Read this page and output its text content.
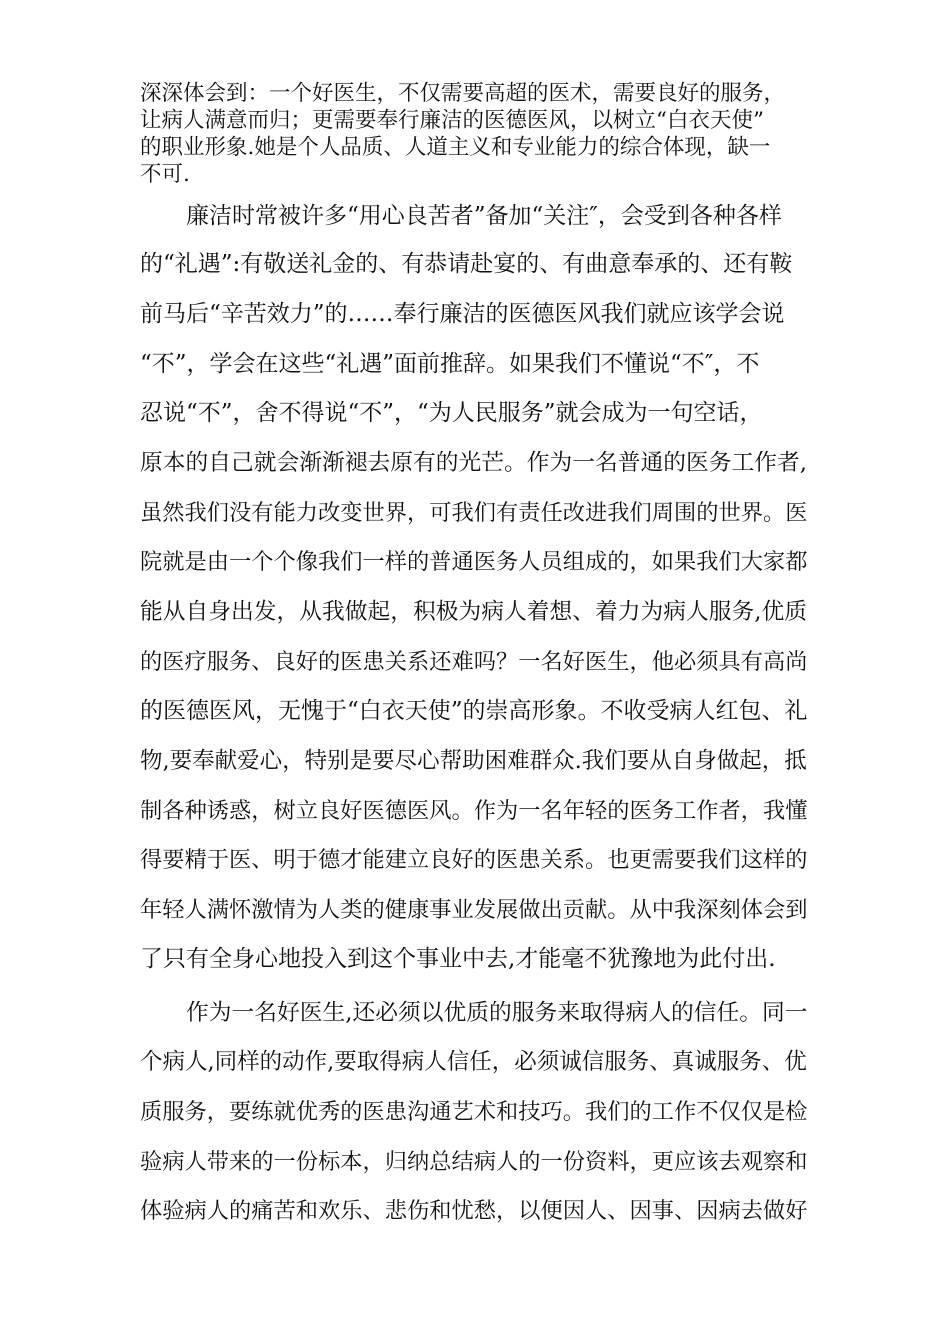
深深体会到：一个好医生，不仅需要高超的医术，需要良好的服务，
让病人满意而归；更需要奉行廉洁的医德医风，以树立“白衣天使”
的职业形象.她是个人品质、人道主义和专业能力的综合体现，缺一
不可.
廉洁时常被许多“用心良苦者”备加“关注″，会受到各种各样
的“礼遇”:有敬送礼金的、有恭请赴宴的、有曲意奉承的、还有鞍
前马后“辛苦效力”的……奉行廉洁的医德医风我们就应该学会说
“不”，学会在这些“礼遇”面前推辞。如果我们不懂说“不″，不
忍说“不”，舍不得说“不”，“为人民服务”就会成为一句空话，
原本的自己就会渐渐褪去原有的光芒。作为一名普通的医务工作者,
虽然我们没有能力改变世界，可我们有责任改进我们周围的世界。医
院就是由一个个像我们一样的普通医务人员组成的，如果我们大家都
能从自身出发，从我做起，积极为病人着想、着力为病人服务,优质
的医疗服务、良好的医患关系还难吗？一名好医生，他必须具有高尚
的医德医风，无愧于“白衣天使”的崇高形象。不收受病人红包、礼
物,要奉献爱心，特别是要尽心帮助困难群众.我们要从自身做起，抵
制各种诱惑，树立良好医德医风。作为一名年轻的医务工作者，我懂
得要精于医、明于德才能建立良好的医患关系。也更需要我们这样的
年轻人满怀激情为人类的健康事业发展做出贡献。从中我深刻体会到
了只有全身心地投入到这个事业中去,才能毫不犹豫地为此付出.
作为一名好医生,还必须以优质的服务来取得病人的信任。同一
个病人,同样的动作,要取得病人信任，必须诚信服务、真诚服务、优
质服务，要练就优秀的医患沟通艺术和技巧。我们的工作不仅仅是检
验病人带来的一份标本，归纳总结病人的一份资料，更应该去观察和
体验病人的痛苦和欢乐、悲伤和忧愁，以便因人、因事、因病去做好
